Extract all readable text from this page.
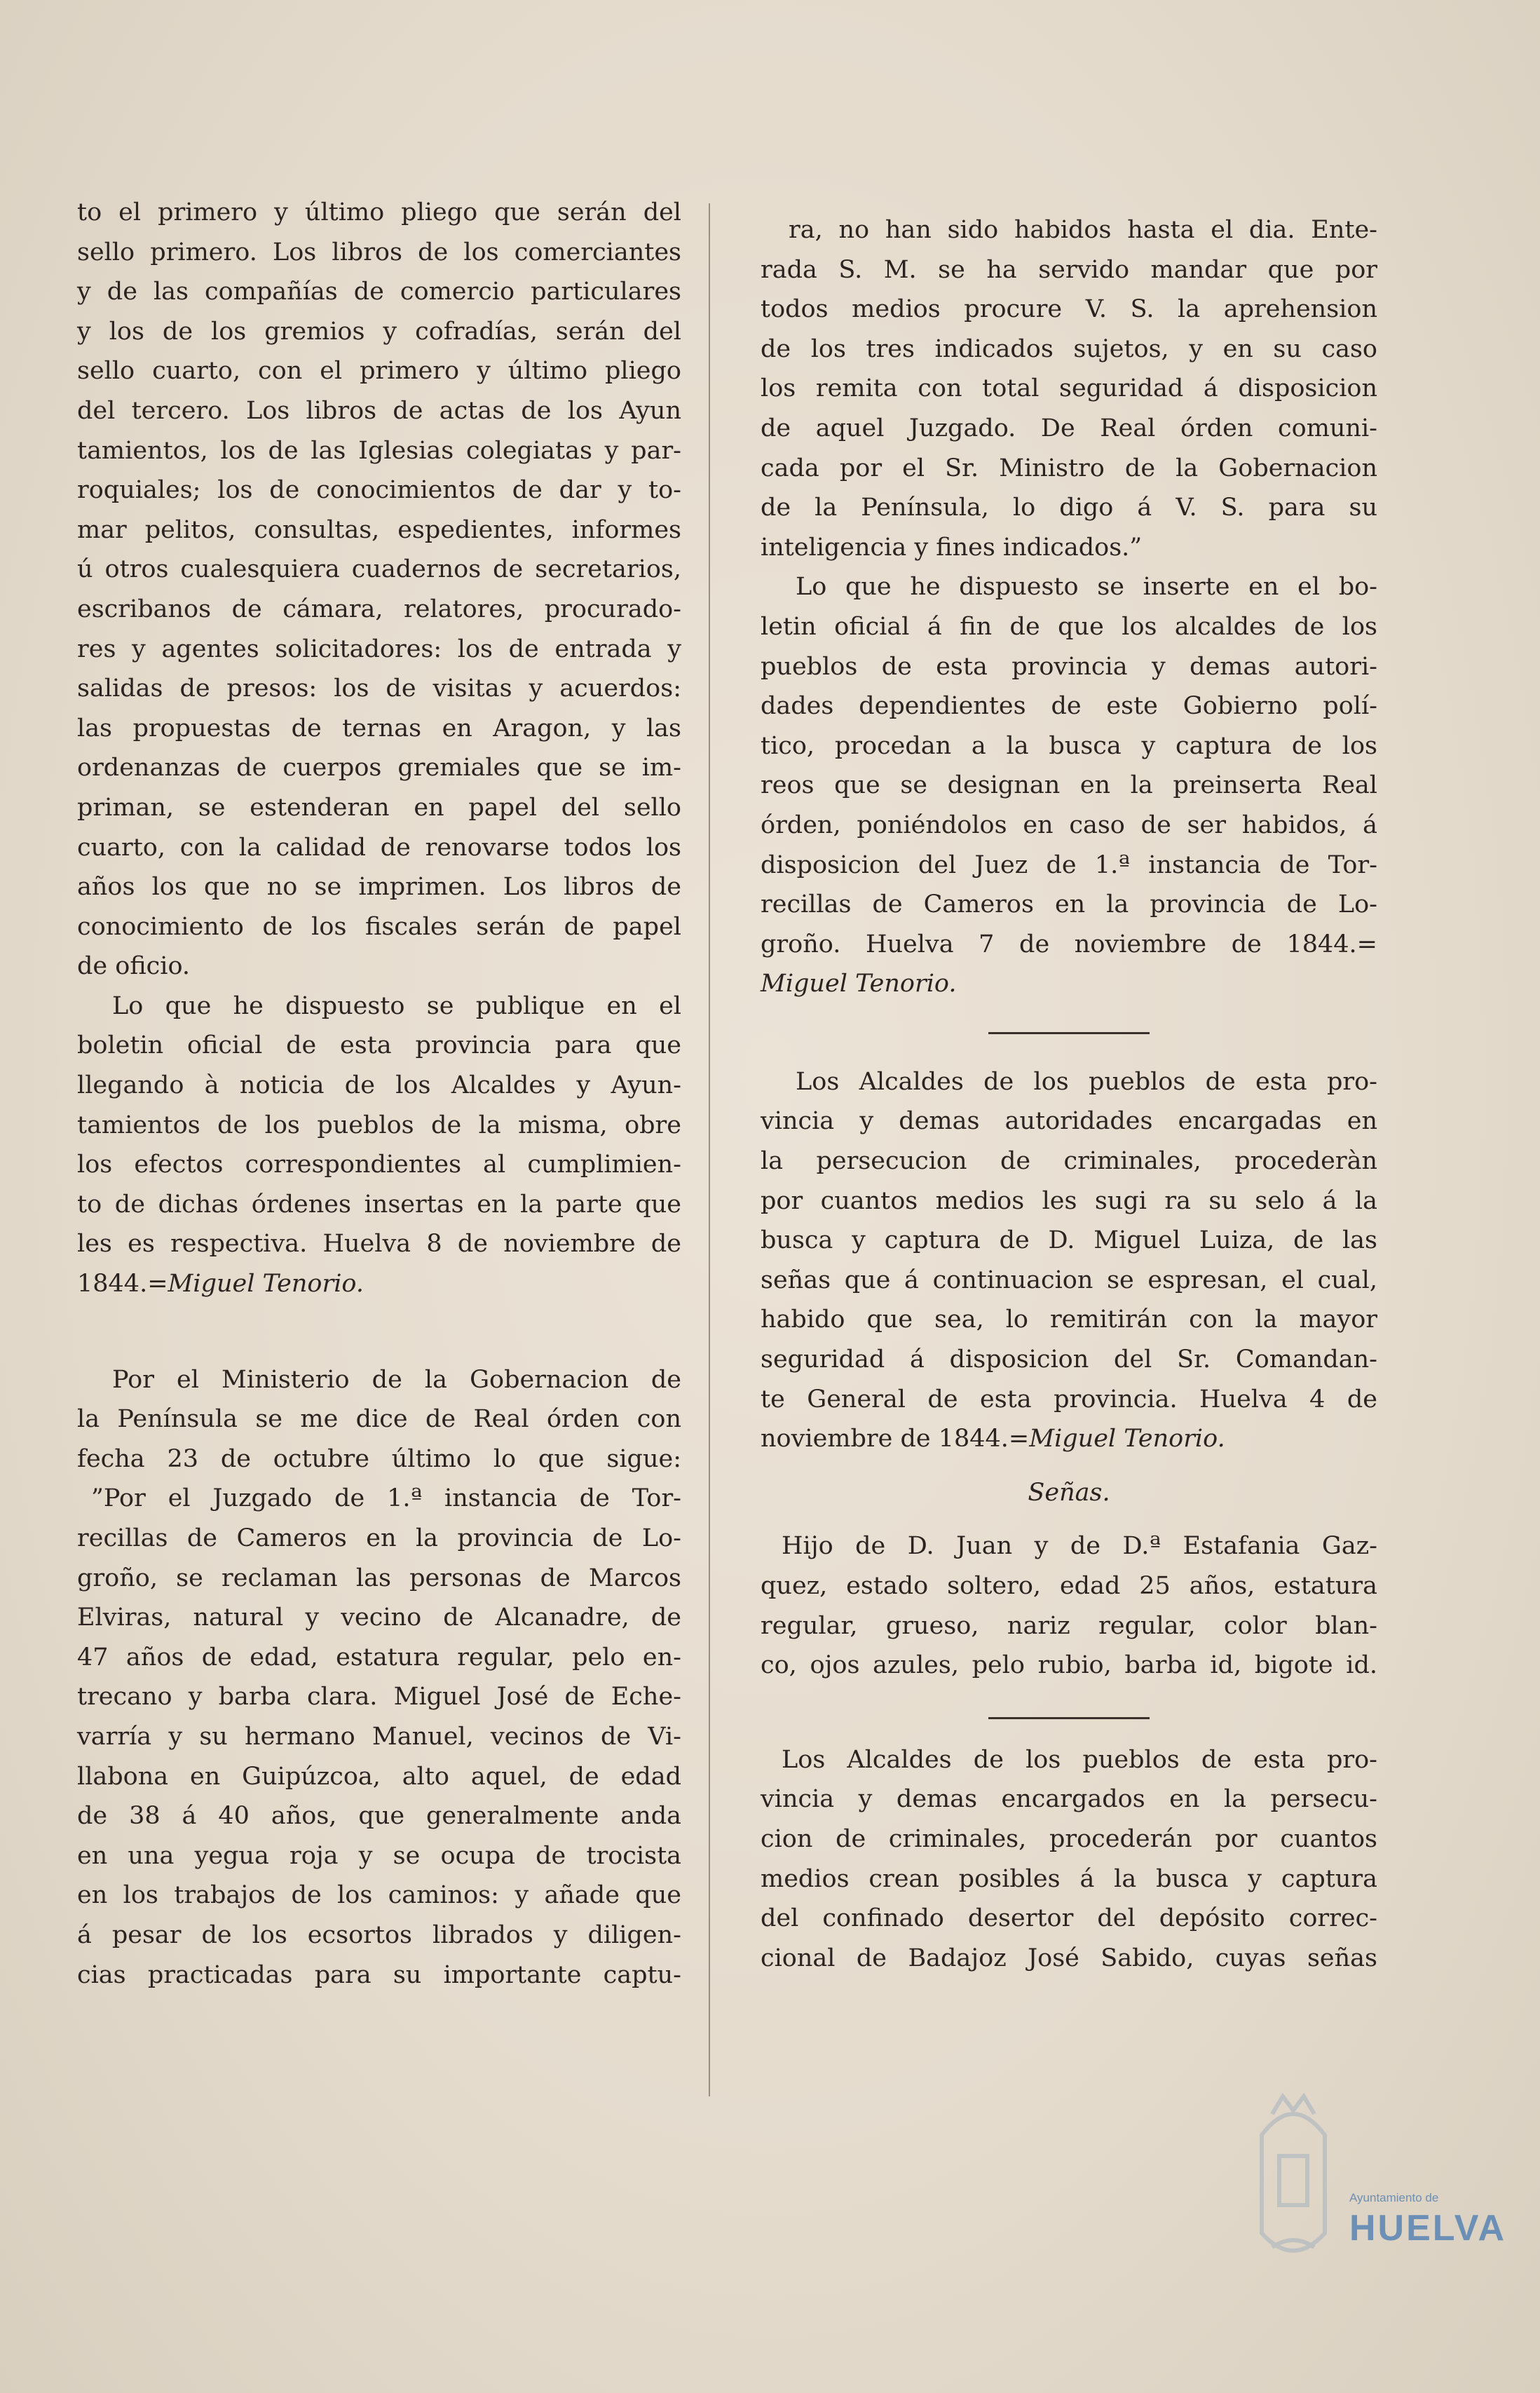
to el primero y último pliego que serán del
sello primero. Los libros de los comerciantes
y de las compañías de comercio particulares
y los de los gremios y cofradías, serán del
sello cuarto, con el primero y último pliego
del tercero. Los libros de actas de los Ayun
tamientos, los de las Iglesias colegiatas y par-
roquiales; los de conocimientos de dar y to-
mar pelitos, consultas, espedientes, informes
ú otros cualesquiera cuadernos de secretarios,
escribanos de cámara, relatores, procurado-
res y agentes solicitadores: los de entrada y
salidas de presos: los de visitas y acuerdos:
las propuestas de ternas en Aragon, y las
ordenanzas de cuerpos gremiales que se im-
priman, se estenderan en papel del sello
cuarto, con la calidad de renovarse todos los
años los que no se imprimen. Los libros de
conocimiento de los fiscales serán de papel
de oficio.

Lo que he dispuesto se publique en el
boletin oficial de esta provincia para que
llegando à noticia de los Alcaldes y Ayun-
tamientos de los pueblos de la misma, obre
los efectos correspondientes al cumplimien-
to de dichas órdenes insertas en la parte que
les es respectiva. Huelva 8 de noviembre de
1844.=Miguel Tenorio.

Por el Ministerio de la Gobernacion de
la Península se me dice de Real órden con
fecha 23 de octubre último lo que sigue:
”Por el Juzgado de 1.ª instancia de Tor-
recillas de Cameros en la provincia de Lo-
groño, se reclaman las personas de Marcos
Elviras, natural y vecino de Alcanadre, de
47 años de edad, estatura regular, pelo en-
trecano y barba clara. Miguel José de Eche-
varría y su hermano Manuel, vecinos de Vi-
llabona en Guipúzcoa, alto aquel, de edad
de 38 á 40 años, que generalmente anda
en una yegua roja y se ocupa de trocista
en los trabajos de los caminos: y añade que
á pesar de los ecsortos librados y diligen-
cias practicadas para su importante captu-

ra, no han sido habidos hasta el dia. Ente-
rada S. M. se ha servido mandar que por
todos medios procure V. S. la aprehension
de los tres indicados sujetos, y en su caso
los remita con total seguridad á disposicion
de aquel Juzgado. De Real órden comuni-
cada por el Sr. Ministro de la Gobernacion
de la Península, lo digo á V. S. para su
inteligencia y fines indicados.”

Lo que he dispuesto se inserte en el bo-
letin oficial á fin de que los alcaldes de los
pueblos de esta provincia y demas autori-
dades dependientes de este Gobierno polí-
tico, procedan a la busca y captura de los
reos que se designan en la preinserta Real
órden, poniéndolos en caso de ser habidos, á
disposicion del Juez de 1.ª instancia de Tor-
recillas de Cameros en la provincia de Lo-
groño. Huelva 7 de noviembre de 1844.=
Miguel Tenorio.

Los Alcaldes de los pueblos de esta pro-
vincia y demas autoridades encargadas en
la persecucion de criminales, procederàn
por cuantos medios les sugi ra su selo á la
busca y captura de D. Miguel Luiza, de las
señas que á continuacion se espresan, el cual,
habido que sea, lo remitirán con la mayor
seguridad á disposicion del Sr. Comandan-
te General de esta provincia. Huelva 4 de
noviembre de 1844.=Miguel Tenorio.

Señas.

Hijo de D. Juan y de D.ª Estafania Gaz-
quez, estado soltero, edad 25 años, estatura
regular, grueso, nariz regular, color blan-
co, ojos azules, pelo rubio, barba id, bigote id.

Los Alcaldes de los pueblos de esta pro-
vincia y demas encargados en la persecu-
cion de criminales, procederán por cuantos
medios crean posibles á la busca y captura
del confinado desertor del depósito correc-
cional de Badajoz José Sabido, cuyas señas

Ayuntamiento de
HUELVA
